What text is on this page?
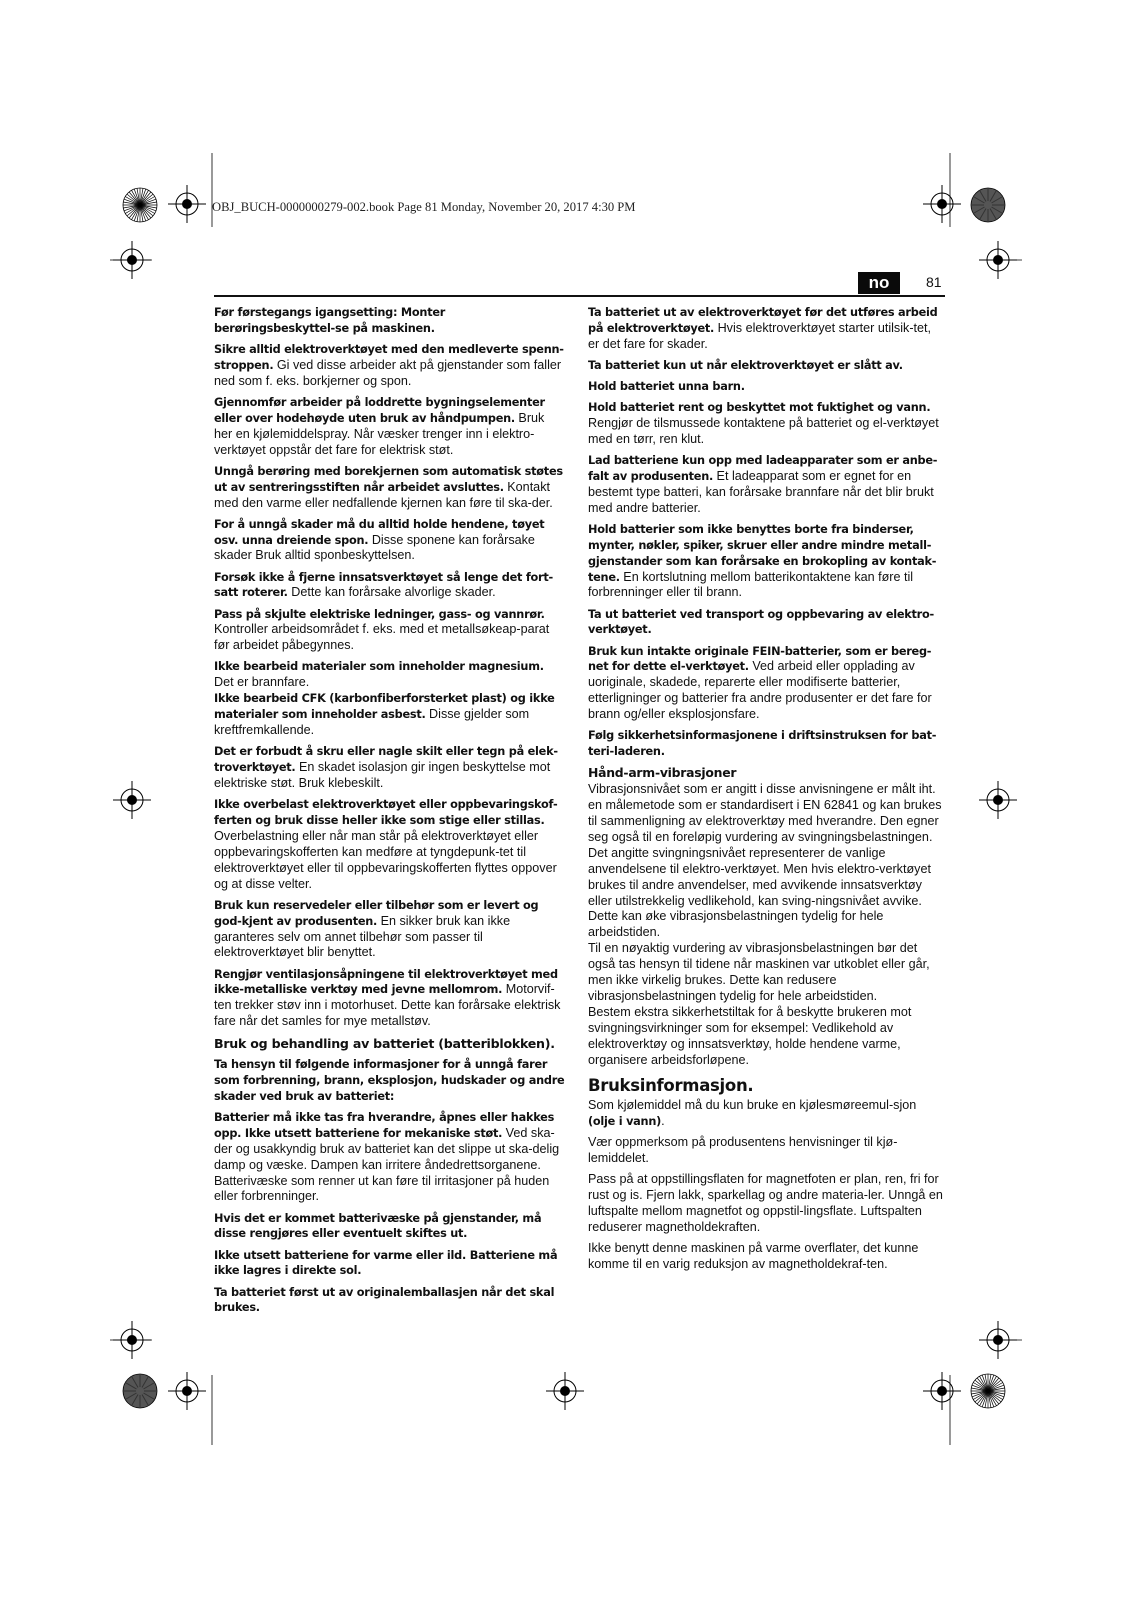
OBJ_BUCH-0000000279-002.book Page 81 Monday, November 20, 2017 4:30 PM
no	81

Før førstegangs igangsetting: Monter berøringsbeskyttel-se på maskinen.

Sikre alltid elektroverktøyet med den medleverte spenn-stroppen. Gi ved disse arbeider akt på gjenstander som faller ned som f. eks. borkjerner og spon.

Gjennomfør arbeider på loddrette bygningselementer eller over hodehøyde uten bruk av håndpumpen. Bruk her en kjølemiddelspray. Når væsker trenger inn i elektro-verktøyet oppstår det fare for elektrisk støt.

Unngå berøring med borekjernen som automatisk støtes ut av sentreringsstiften når arbeidet avsluttes. Kontakt med den varme eller nedfallende kjernen kan føre til ska-der.

For å unngå skader må du alltid holde hendene, tøyet osv. unna dreiende spon. Disse sponene kan forårsake skader Bruk alltid sponbeskyttelsen.

Forsøk ikke å fjerne innsatsverktøyet så lenge det fort-satt roterer. Dette kan forårsake alvorlige skader.

Pass på skjulte elektriske ledninger, gass- og vannrør. Kontroller arbeidsområdet f. eks. med et metallsøkeap-parat før arbeidet påbegynnes.

Ikke bearbeid materialer som inneholder magnesium. Det er brannfare.

Ikke bearbeid CFK (karbonfiberforsterket plast) og ikke materialer som inneholder asbest. Disse gjelder som kreftfremkallende.

Det er forbudt å skru eller nagle skilt eller tegn på elek-troverktøyet. En skadet isolasjon gir ingen beskyttelse mot elektriske støt. Bruk klebeskilt.

Ikke overbelast elektroverktøyet eller oppbevaringskof-ferten og bruk disse heller ikke som stige eller stillas. Overbelastning eller når man står på elektroverktøyet eller oppbevaringskofferten kan medføre at tyngdepunk-tet til elektroverktøyet eller til oppbevaringskofferten flyttes oppover og at disse velter.

Bruk kun reservedeler eller tilbehør som er levert og god-kjent av produsenten. En sikker bruk kan ikke garanteres selv om annet tilbehør som passer til elektroverktøyet blir benyttet.

Rengjør ventilasjonsåpningene til elektroverktøyet med ikke-metalliske verktøy med jevne mellomrom. Motorvif-ten trekker støv inn i motorhuset. Dette kan forårsake elektrisk fare når det samles for mye metallstøv.

Bruk og behandling av batteriet (batteriblokken).

Ta hensyn til følgende informasjoner for å unngå farer som forbrenning, brann, eksplosjon, hudskader og andre skader ved bruk av batteriet:

Batterier må ikke tas fra hverandre, åpnes eller hakkes opp. Ikke utsett batteriene for mekaniske støt. Ved ska-der og usakkyndig bruk av batteriet kan det slippe ut ska-delig damp og væske. Dampen kan irritere åndedrettsorganene. Batterivæske som renner ut kan føre til irritasjoner på huden eller forbrenninger.

Hvis det er kommet batterivæske på gjenstander, må disse rengjøres eller eventuelt skiftes ut.

Ikke utsett batteriene for varme eller ild. Batteriene må ikke lagres i direkte sol.

Ta batteriet først ut av originalemballasjen når det skal brukes.

Ta batteriet ut av elektroverktøyet før det utføres arbeid på elektroverktøyet. Hvis elektroverktøyet starter utilsik-tet, er det fare for skader.

Ta batteriet kun ut når elektroverktøyet er slått av.

Hold batteriet unna barn.

Hold batteriet rent og beskyttet mot fuktighet og vann. Rengjør de tilsmussede kontaktene på batteriet og el-verktøyet med en tørr, ren klut.

Lad batteriene kun opp med ladeapparater som er anbe-falt av produsenten. Et ladeapparat som er egnet for en bestemt type batteri, kan forårsake brannfare når det blir brukt med andre batterier.

Hold batterier som ikke benyttes borte fra binderser, mynter, nøkler, spiker, skruer eller andre mindre metall-gjenstander som kan forårsake en brokopling av kontak-tene. En kortslutning mellom batterikontaktene kan føre til forbrenninger eller til brann.

Ta ut batteriet ved transport og oppbevaring av elektro-verktøyet.

Bruk kun intakte originale FEIN-batterier, som er bereg-net for dette el-verktøyet. Ved arbeid eller opplading av uoriginale, skadede, reparerte eller modifiserte batterier, etterligninger og batterier fra andre produsenter er det fare for brann og/eller eksplosjonsfare.

Følg sikkerhetsinformasjonene i driftsinstruksen for bat-teri-laderen.

Hånd-arm-vibrasjoner

Vibrasjonsnivået som er angitt i disse anvisningene er målt iht. en målemetode som er standardisert i EN 62841 og kan brukes til sammenligning av elektroverktøy med hverandre. Den egner seg også til en foreløpig vurdering av svingningsbelastningen.

Det angitte svingningsnivået representerer de vanlige anvendelsene til elektro-verktøyet. Men hvis elektro-verktøyet brukes til andre anvendelser, med avvikende innsatsverktøy eller utilstrekkelig vedlikehold, kan sving-ningsnivået avvike. Dette kan øke vibrasjonsbelastningen tydelig for hele arbeidstiden.

Til en nøyaktig vurdering av vibrasjonsbelastningen bør det også tas hensyn til tidene når maskinen var utkoblet eller går, men ikke virkelig brukes. Dette kan redusere vibrasjonsbelastningen tydelig for hele arbeidstiden.

Bestem ekstra sikkerhetstiltak for å beskytte brukeren mot svingningsvirkninger som for eksempel: Vedlikehold av elektroverktøy og innsatsverktøy, holde hendene varme, organisere arbeidsforløpene.

Bruksinformasjon.

Som kjølemiddel må du kun bruke en kjølesmøreemul-sjon (olje i vann).

Vær oppmerksom på produsentens henvisninger til kjø-lemiddelet.

Pass på at oppstillingsflaten for magnetfoten er plan, ren, fri for rust og is. Fjern lakk, sparkellag og andre materia-ler. Unngå en luftspalte mellom magnetfot og oppstil-lingsflate. Luftspalten reduserer magnetholdekraften.

Ikke benytt denne maskinen på varme overflater, det kunne komme til en varig reduksjon av magnetholdekraf-ten.
